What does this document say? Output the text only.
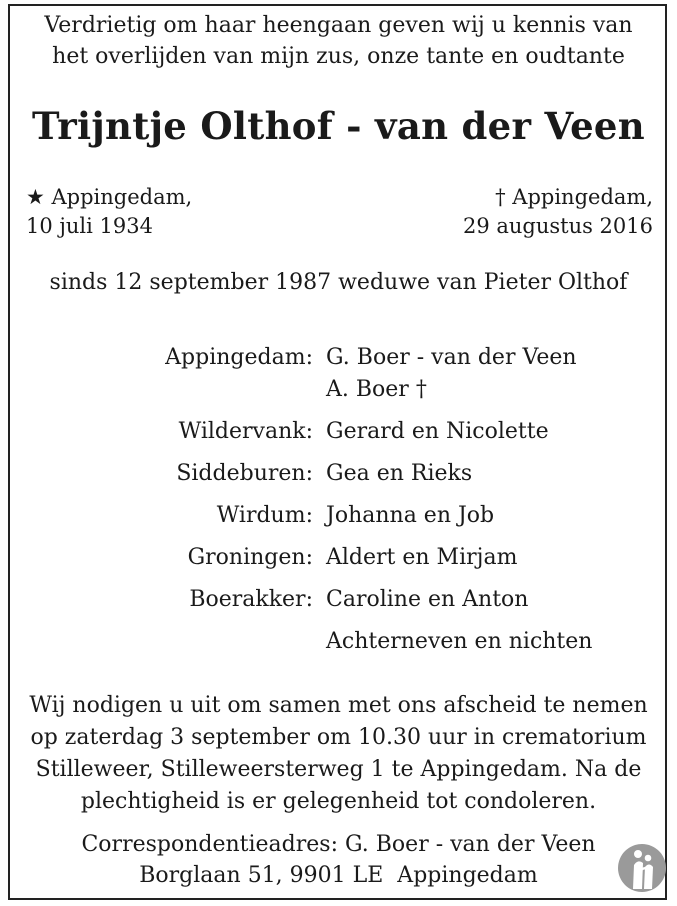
Verdrietig om haar heengaan geven wij u kennis van
het overlijden van mijn zus, onze tante en oudtante
Trijntje Olthof - van der Veen
★ Appingedam,
10 juli 1934
† Appingedam,
29 augustus 2016
sinds 12 september 1987 weduwe van Pieter Olthof
Appingedam: G. Boer - van der Veen
A. Boer †
Wildervank: Gerard en Nicolette
Siddeburen: Gea en Rieks
Wirdum: Johanna en Job
Groningen: Aldert en Mirjam
Boerakker: Caroline en Anton
Achterneven en nichten
Wij nodigen u uit om samen met ons afscheid te nemen
op zaterdag 3 september om 10.30 uur in crematorium
Stilleweer, Stilleweersterweg 1 te Appingedam. Na de
plechtigheid is er gelegenheid tot condoleren.
Correspondentieadres: G. Boer - van der Veen
Borglaan 51, 9901 LE  Appingedam
